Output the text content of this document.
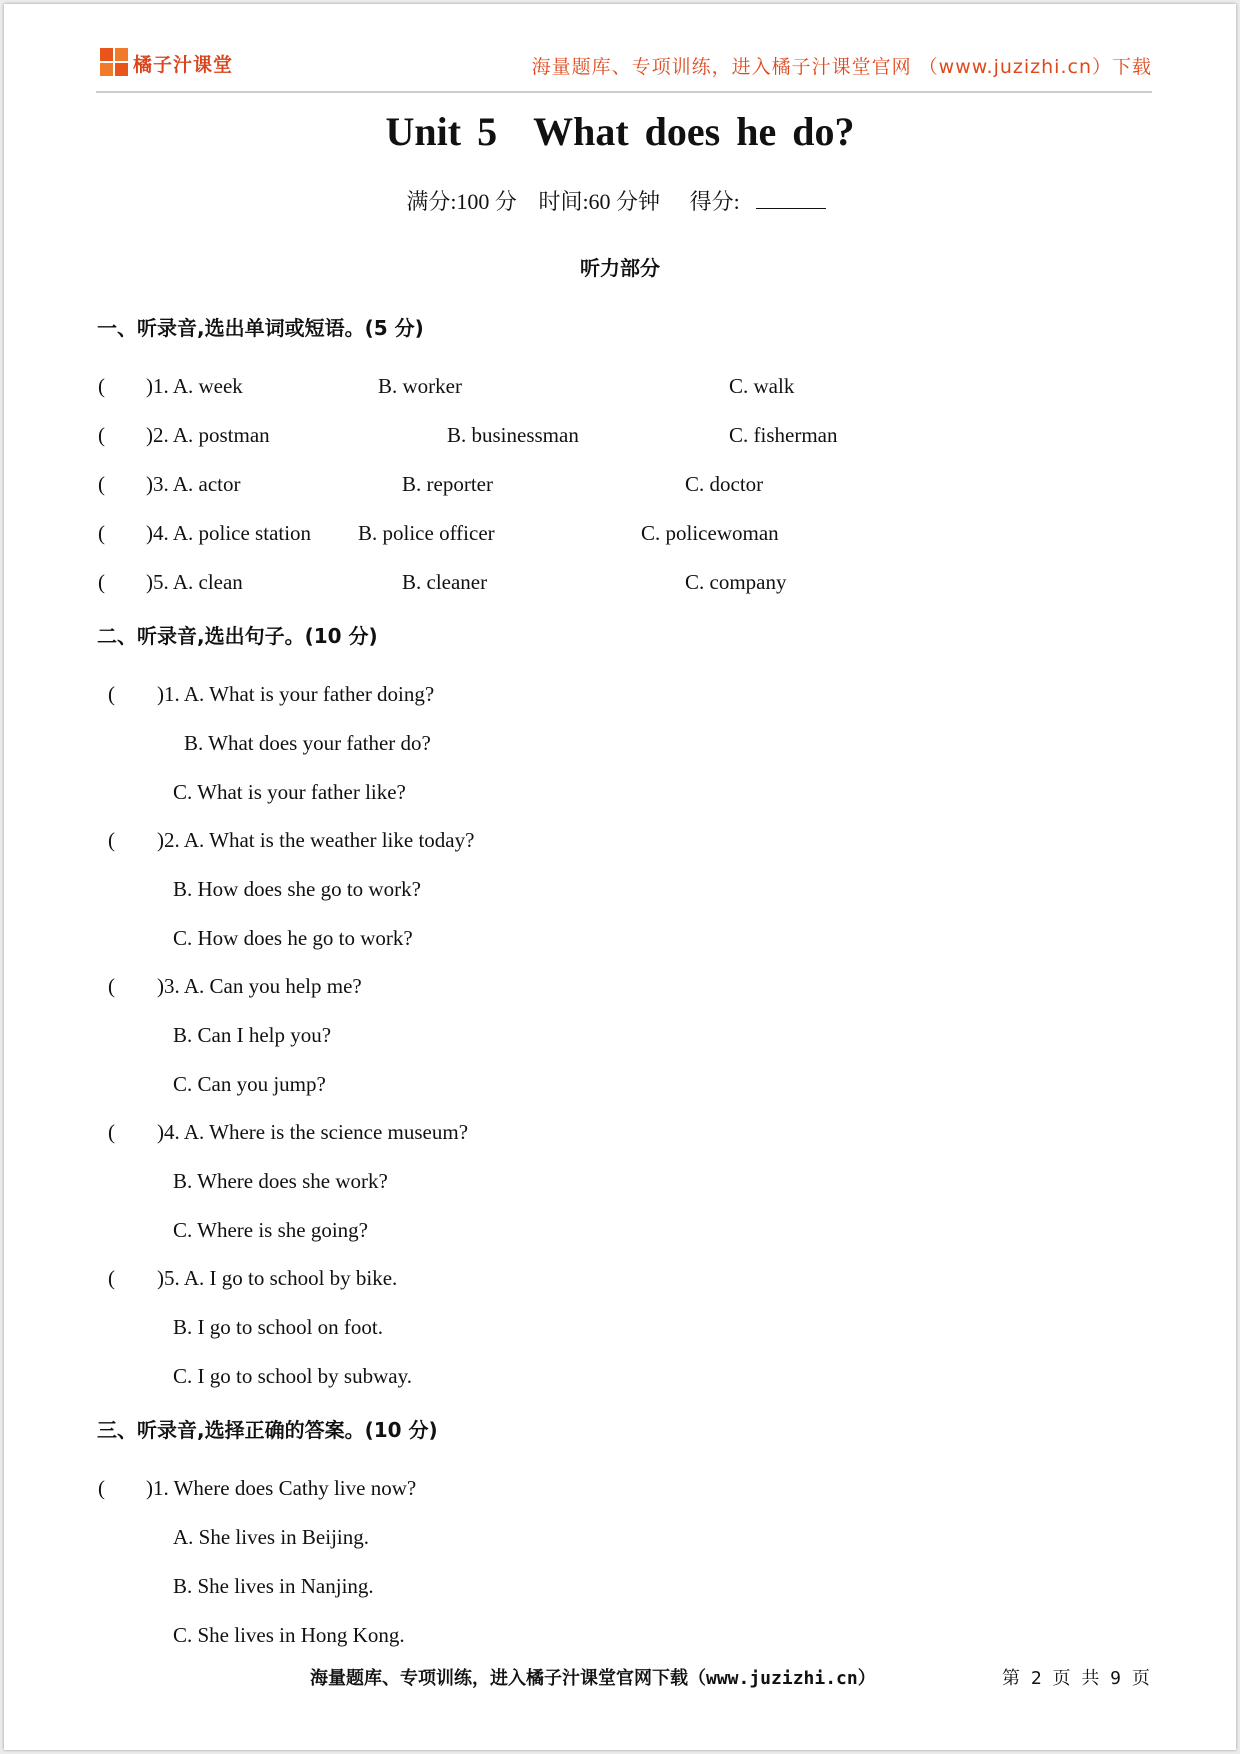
橘子汁课堂	海量题库、专项训练，进入橘子汁课堂官网 （www.juzizhi.cn）下载
Unit 5 What does he do?
满分:100 分 时间:60 分钟 得分:
听力部分
一、听录音,选出单词或短语。(5 分)
( )1. A. week	B. worker	C. walk
( )2. A. postman	B. businessman	C. fisherman
( )3. A. actor	B. reporter	C. doctor
( )4. A. police station B. police officer	C. policewoman
( )5. A. clean	B. cleaner	C. company
二、听录音,选出句子。(10 分)
( )1. A. What is your father doing?
B. What does your father do?
C. What is your father like?
( )2. A. What is the weather like today?
B. How does she go to work?
C. How does he go to work?
( )3. A. Can you help me?
B. Can I help you?
C. Can you jump?
( )4. A. Where is the science museum?
B. Where does she work?
C. Where is she going?
( )5. A. I go to school by bike.
B. I go to school on foot.
C. I go to school by subway.
三、听录音,选择正确的答案。(10 分)
( )1. Where does Cathy live now?
A. She lives in Beijing.
B. She lives in Nanjing.
C. She lives in Hong Kong.
海量题库、专项训练，进入橘子汁课堂官网下载（www.juzizhi.cn）	第 2 页 共 9 页
